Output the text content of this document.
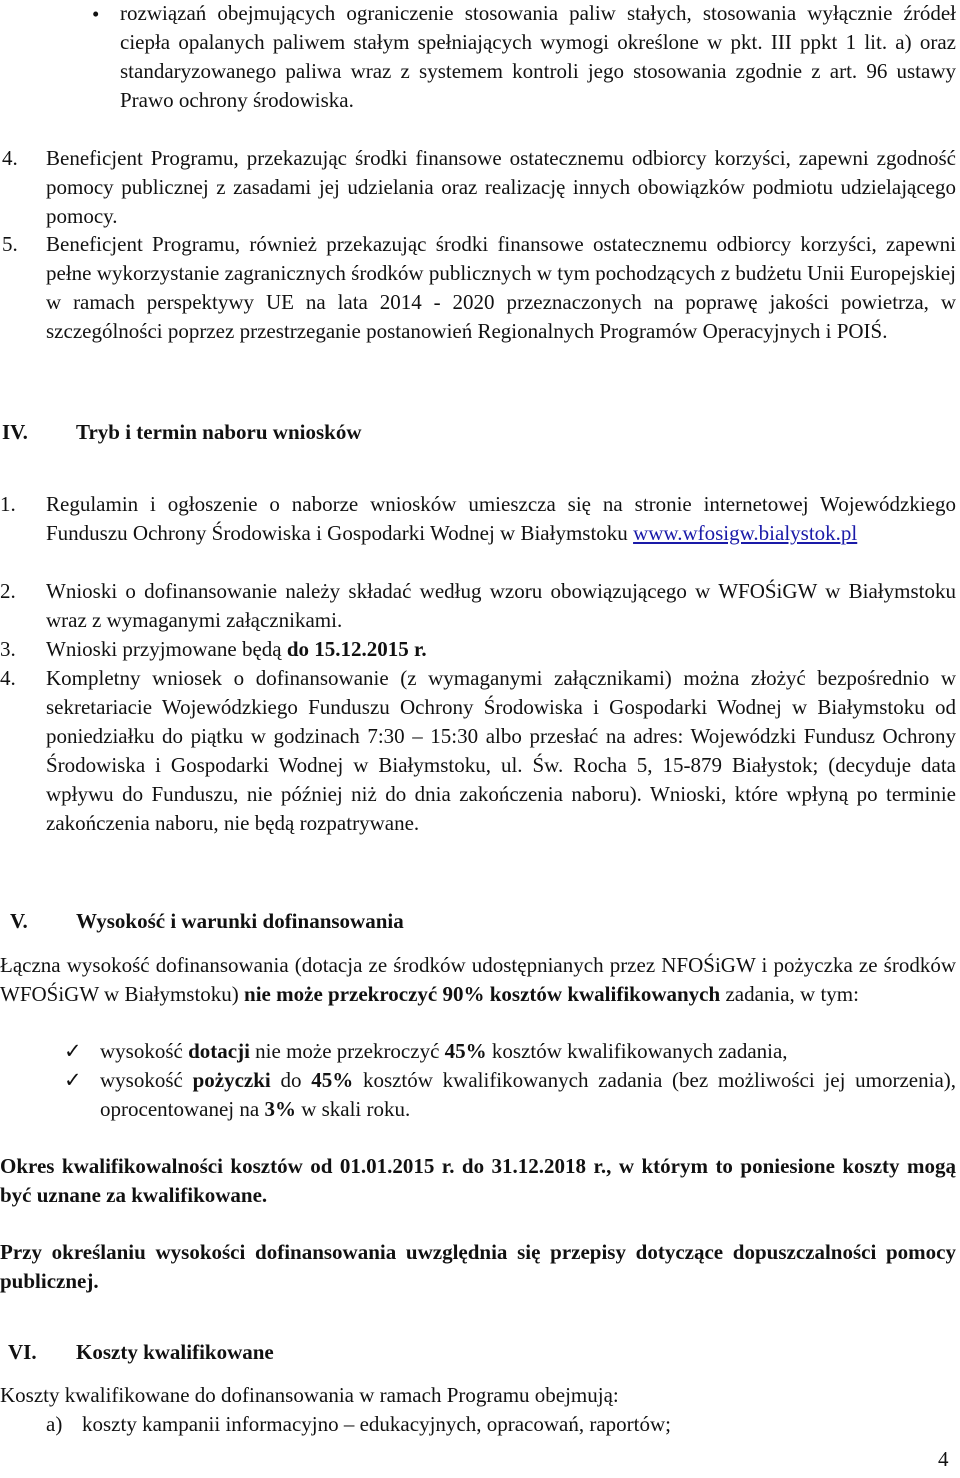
• rozwiązań obejmujących ograniczenie stosowania paliw stałych, stosowania wyłącznie źródeł ciepła opalanych paliwem stałym spełniających wymogi określone w pkt. III ppkt 1 lit. a) oraz standaryzowanego paliwa wraz z systemem kontroli jego stosowania zgodnie z art. 96 ustawy Prawo ochrony środowiska.

4. Beneficjent Programu, przekazując środki finansowe ostatecznemu odbiorcy korzyści, zapewni zgodność pomocy publicznej z zasadami jej udzielania oraz realizację innych obowiązków podmiotu udzielającego pomocy.

5. Beneficjent Programu, również przekazując środki finansowe ostatecznemu odbiorcy korzyści, zapewni pełne wykorzystanie zagranicznych środków publicznych w tym pochodzących z budżetu Unii Europejskiej w ramach perspektywy UE na lata 2014 - 2020 przeznaczonych na poprawę jakości powietrza, w szczególności poprzez przestrzeganie postanowień Regionalnych Programów Operacyjnych i POIŚ.

IV. Tryb i termin naboru wniosków
1. Regulamin i ogłoszenie o naborze wniosków umieszcza się na stronie internetowej Wojewódzkiego Funduszu Ochrony Środowiska i Gospodarki Wodnej w Białymstoku www.wfosigw.bialystok.pl

2. Wnioski o dofinansowanie należy składać według wzoru obowiązującego w WFOŚiGW w Białymstoku wraz z wymaganymi załącznikami.

3. Wnioski przyjmowane będą do 15.12.2015 r.

4. Kompletny wniosek o dofinansowanie (z wymaganymi załącznikami) można złożyć bezpośrednio w sekretariacie Wojewódzkiego Funduszu Ochrony Środowiska i Gospodarki Wodnej w Białymstoku od poniedziałku do piątku w godzinach 7:30 – 15:30 albo przesłać na adres: Wojewódzki Fundusz Ochrony Środowiska i Gospodarki Wodnej w Białymstoku, ul. Św. Rocha 5, 15-879 Białystok; (decyduje data wpływu do Funduszu, nie później niż do dnia zakończenia naboru). Wnioski, które wpłyną po terminie zakończenia naboru, nie będą rozpatrywane.

V. Wysokość i warunki dofinansowania

Łączna wysokość dofinansowania (dotacja ze środków udostępnianych przez NFOŚiGW i pożyczka ze środków WFOŚiGW w Białymstoku) nie może przekroczyć 90% kosztów kwalifikowanych zadania, w tym:

✓ wysokość dotacji nie może przekroczyć 45% kosztów kwalifikowanych zadania,

✓ wysokość pożyczki do 45% kosztów kwalifikowanych zadania (bez możliwości jej umorzenia), oprocentowanej na 3% w skali roku.

Okres kwalifikowalności kosztów od 01.01.2015 r. do 31.12.2018 r., w którym to poniesione koszty mogą być uznane za kwalifikowane.

Przy określaniu wysokości dofinansowania uwzględnia się przepisy dotyczące dopuszczalności pomocy publicznej.

VI. Koszty kwalifikowane

Koszty kwalifikowane do dofinansowania w ramach Programu obejmują:

a) koszty kampanii informacyjno – edukacyjnych, opracowań, raportów;

4
